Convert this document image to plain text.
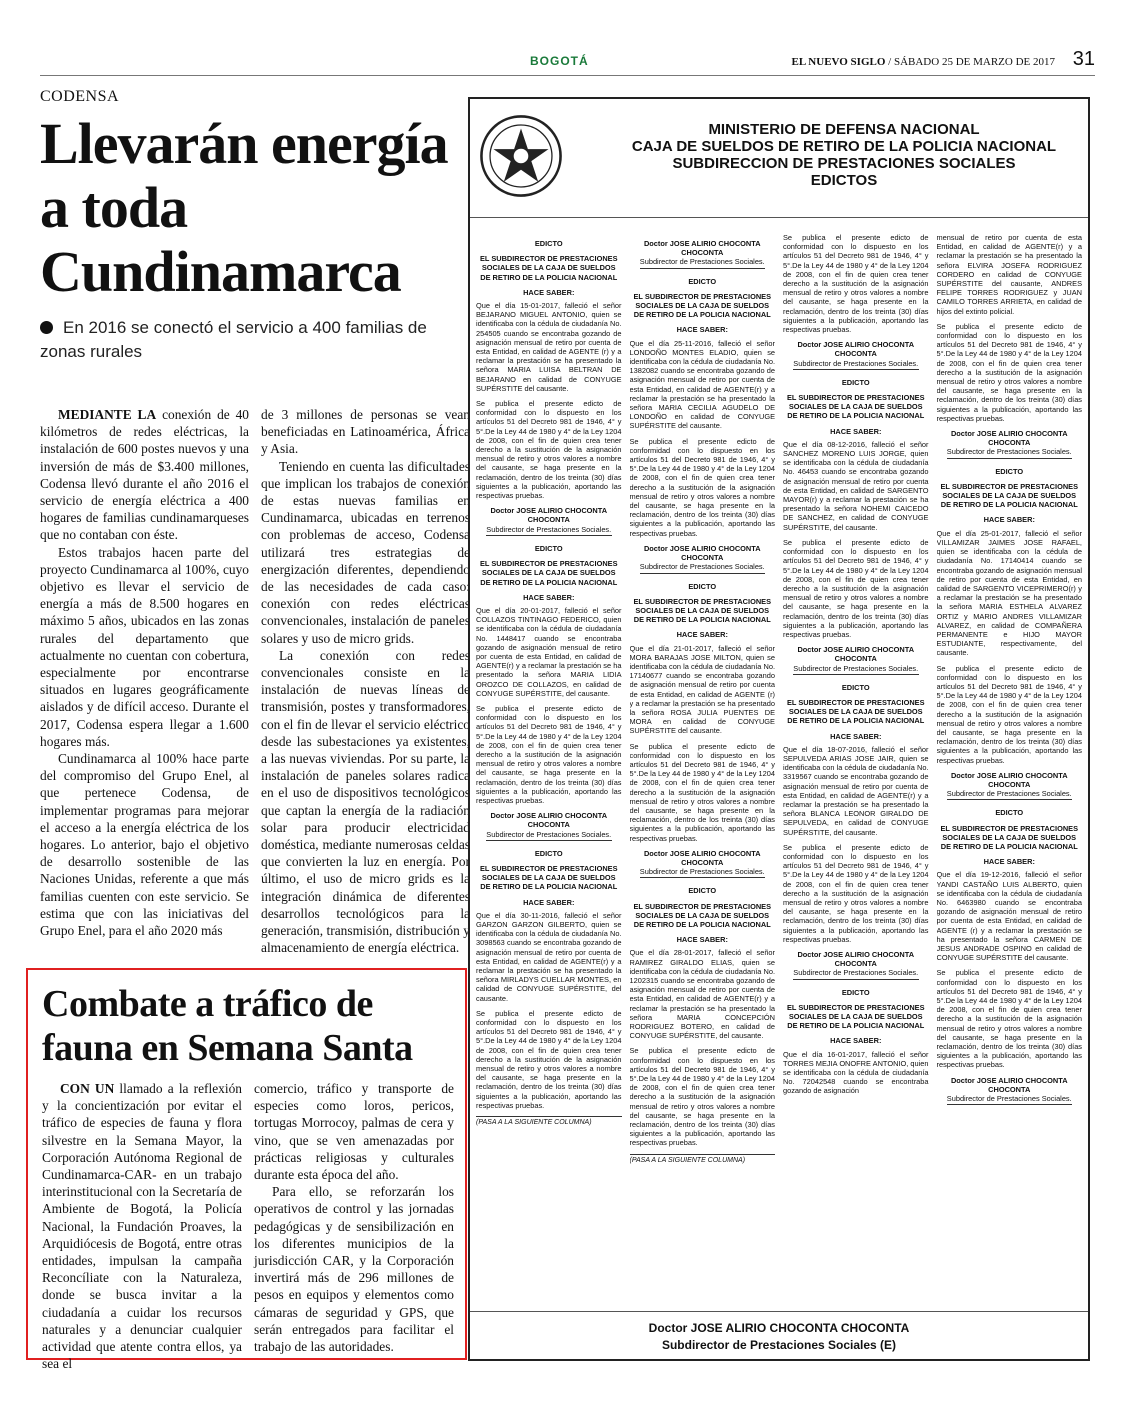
BOGOTÁ	EL NUEVO SIGLO / SÁBADO 25 DE MARZO DE 2017 31
CODENSA
Llevarán energía a toda Cundinamarca
En 2016 se conectó el servicio a 400 familias de zonas rurales

MEDIANTE LA conexión de 40 kilómetros de redes eléctricas, la instalación de 600 postes nuevos y una inversión de más de $3.400 millones, Codensa llevó durante el año 2016 el servicio de energía eléctrica a 400 hogares de familias cundinamarqueses que no contaban con éste.

Estos trabajos hacen parte del proyecto Cundinamarca al 100%, cuyo objetivo es llevar el servicio de energía a más de 8.500 hogares en máximo 5 años, ubicados en las zonas rurales del departamento que actualmente no cuentan con cobertura, especialmente por encontrarse situados en lugares geográficamente aislados y de difícil acceso. Durante el 2017, Codensa espera llegar a 1.600 hogares más.

Cundinamarca al 100% hace parte del compromiso del Grupo Enel, al que pertenece Codensa, de implementar programas para mejorar el acceso a la energía eléctrica de los hogares. Lo anterior, bajo el objetivo de desarrollo sostenible de las Naciones Unidas, referente a que más familias cuenten con este servicio. Se estima que con las iniciativas del Grupo Enel, para el año 2020 más

de 3 millones de personas se vean beneficiadas en Latinoamérica, África y Asia.

Teniendo en cuenta las dificultades que implican los trabajos de conexión de estas nuevas familias en Cundinamarca, ubicadas en terrenos con problemas de acceso, Codensa utilizará tres estrategias de energización diferentes, dependiendo de las necesidades de cada caso: conexión con redes eléctricas convencionales, instalación de paneles solares y uso de micro grids.

La conexión con redes convencionales consiste en la instalación de nuevas líneas de transmisión, postes y transformadores, con el fin de llevar el servicio eléctrico desde las subestaciones ya existentes, a las nuevas viviendas. Por su parte, la instalación de paneles solares radica en el uso de dispositivos tecnológicos que captan la energía de la radiación solar para producir electricidad doméstica, mediante numerosas celdas que convierten la luz en energía. Por último, el uso de micro grids es la integración dinámica de diferentes desarrollos tecnológicos para la generación, transmisión, distribución y almacenamiento de energía eléctrica.

Combate a tráfico de fauna en Semana Santa

CON UN llamado a la reflexión y la concientización por evitar el tráfico de especies de fauna y flora silvestre en la Semana Mayor, la Corporación Autónoma Regional de Cundinamarca-CAR- en un trabajo interinstitucional con la Secretaría de Ambiente de Bogotá, la Policía Nacional, la Fundación Proaves, la Arquidiócesis de Bogotá, entre otras entidades, impulsan la campaña Reconcíliate con la Naturaleza, donde se busca invitar a la ciudadanía a cuidar los recursos naturales y a denunciar cualquier actividad que atente contra ellos, ya sea el

comercio, tráfico y transporte de especies como loros, pericos, tortugas Morrocoy, palmas de cera y vino, que se ven amenazadas por prácticas religiosas y culturales durante esta época del año.

Para ello, se reforzarán los operativos de control y las jornadas pedagógicas y de sensibilización en los diferentes municipios de la jurisdicción CAR, y la Corporación invertirá más de 296 millones de pesos en equipos y elementos como cámaras de seguridad y GPS, que serán entregados para facilitar el trabajo de las autoridades.

MINISTERIO DE DEFENSA NACIONAL
CAJA DE SUELDOS DE RETIRO DE LA POLICIA NACIONAL
SUBDIRECCION DE PRESTACIONES SOCIALES
EDICTOS
EDICTO
EL SUBDIRECTOR DE PRESTACIONES SOCIALES DE LA CAJA DE SUELDOS DE RETIRO DE LA POLICIA NACIONAL
HACE SABER:

Que el día 15-01-2017, falleció el señor BEJARANO MIGUEL ANTONIO, quien se identificaba con la cédula de ciudadanía No. 254505 cuando se encontraba gozando de asignación mensual de retiro por cuenta de esta Entidad, en calidad de AGENTE (r) y a reclamar la prestación se ha presentado la señora MARIA LUISA BELTRAN DE BEJARANO en calidad de CONYUGE SUPÉRSTITE del causante.

Se publica el presente edicto de conformidad con lo dispuesto en los artículos 51 del Decreto 981 de 1946, 4° y 5°.De la Ley 44 de 1980 y 4° de la Ley 1204 de 2008, con el fin de quien crea tener derecho a la sustitución de la asignación mensual de retiro y otros valores a nombre del causante, se haga presente en la reclamación, dentro de los treinta (30) días siguientes a la publicación, aportando las respectivas pruebas.

Doctor JOSE ALIRIO CHOCONTA CHOCONTA
Subdirector de Prestaciones Sociales.
EDICTO
EL SUBDIRECTOR DE PRESTACIONES SOCIALES DE LA CAJA DE SUELDOS DE RETIRO DE LA POLICIA NACIONAL
HACE SABER:

Que el día 20-01-2017, falleció el señor COLLAZOS TINTINAGO FEDERICO, quien se identificaba con la cédula de ciudadanía No. 1448417 cuando se encontraba gozando de asignación mensual de retiro por cuenta de esta Entidad, en calidad de AGENTE(r) y a reclamar la prestación se ha presentado la señora MARIA LIDIA OROZCO DE COLLAZOS, en calidad de CONYUGE SUPÉRSTITE, del causante.

Se publica el presente edicto de conformidad con lo dispuesto en los artículos 51 del Decreto 981 de 1946, 4° y 5°.De la Ley 44 de 1980 y 4° de la Ley 1204 de 2008, con el fin de quien crea tener derecho a la sustitución de la asignación mensual de retiro y otros valores a nombre del causante, se haga presente en la reclamación, dentro de los treinta (30) días siguientes a la publicación, aportando las respectivas pruebas.

Doctor JOSE ALIRIO CHOCONTA CHOCONTA
Subdirector de Prestaciones Sociales.
EDICTO
EL SUBDIRECTOR DE PRESTACIONES SOCIALES DE LA CAJA DE SUELDOS DE RETIRO DE LA POLICIA NACIONAL
HACE SABER:

Que el día 30-11-2016, falleció el señor GARZON GARZON GILBERTO, quien se identificaba con la cédula de ciudadanía No. 3098563 cuando se encontraba gozando de asignación mensual de retiro por cuenta de esta Entidad, en calidad de AGENTE(r) y a reclamar la prestación se ha presentado la señora MIRLADYS CUELLAR MONTES, en calidad de CONYUGE SUPÉRSTITE, del causante.

Se publica el presente edicto de conformidad con lo dispuesto en los artículos 51 del Decreto 981 de 1946, 4° y 5°.De la Ley 44 de 1980 y 4° de la Ley 1204 de 2008, con el fin de quien crea tener derecho a la sustitución de la asignación mensual de retiro y otros valores a nombre del causante, se haga presente en la reclamación, dentro de los treinta (30) días siguientes a la publicación, aportando las respectivas pruebas.

(PASA A LA SIGUIENTE COLUMNA)
Doctor JOSE ALIRIO CHOCONTA CHOCONTA
Subdirector de Prestaciones Sociales.
EDICTO
EL SUBDIRECTOR DE PRESTACIONES SOCIALES DE LA CAJA DE SUELDOS DE RETIRO DE LA POLICIA NACIONAL
HACE SABER:

Que el día 25-11-2016, falleció el señor LONDOÑO MONTES ELADIO, quien se identificaba con la cédula de ciudadanía No. 1382082 cuando se encontraba gozando de asignación mensual de retiro por cuenta de esta Entidad, en calidad de AGENTE(r) y a reclamar la prestación se ha presentado la señora MARIA CECILIA AGUDELO DE LONDOÑO en calidad de CONYUGE SUPÉRSTITE del causante.

Se publica el presente edicto de conformidad con lo dispuesto en los artículos 51 del Decreto 981 de 1946, 4° y 5°.De la Ley 44 de 1980 y 4° de la Ley 1204 de 2008, con el fin de quien crea tener derecho a la sustitución de la asignación mensual de retiro y otros valores a nombre del causante, se haga presente en la reclamación, dentro de los treinta (30) días siguientes a la publicación, aportando las respectivas pruebas.

Doctor JOSE ALIRIO CHOCONTA CHOCONTA
Subdirector de Prestaciones Sociales.
EDICTO
EL SUBDIRECTOR DE PRESTACIONES SOCIALES DE LA CAJA DE SUELDOS DE RETIRO DE LA POLICIA NACIONAL
HACE SABER:

Que el día 21-01-2017, falleció el señor MORA BARAJAS JOSE MILTON, quien se identificaba con la cédula de ciudadanía No. 17140677 cuando se encontraba gozando de asignación mensual de retiro por cuenta de esta Entidad, en calidad de AGENTE (r) y a reclamar la prestación se ha presentado la señora ROSA JULIA PUENTES DE MORA en calidad de CONYUGE SUPÉRSTITE del causante.

Se publica el presente edicto de conformidad con lo dispuesto en los artículos 51 del Decreto 981 de 1946, 4° y 5°.De la Ley 44 de 1980 y 4° de la Ley 1204 de 2008, con el fin de quien crea tener derecho a la sustitución de la asignación mensual de retiro y otros valores a nombre del causante, se haga presente en la reclamación, dentro de los treinta (30) días siguientes a la publicación, aportando las respectivas pruebas.

Doctor JOSE ALIRIO CHOCONTA CHOCONTA
Subdirector de Prestaciones Sociales.
EDICTO
EL SUBDIRECTOR DE PRESTACIONES SOCIALES DE LA CAJA DE SUELDOS DE RETIRO DE LA POLICIA NACIONAL
HACE SABER:

Que el día 28-01-2017, falleció el señor RAMIREZ GIRALDO ELIAS, quien se identificaba con la cédula de ciudadanía No. 1202315 cuando se encontraba gozando de asignación mensual de retiro por cuenta de esta Entidad, en calidad de AGENTE(r) y a reclamar la prestación se ha presentado la señora MARIA CONCEPCIÓN RODRIGUEZ BOTERO, en calidad de CONYUGE SUPÉRSTITE, del causante.

Se publica el presente edicto de conformidad con lo dispuesto en los artículos 51 del Decreto 981 de 1946, 4° y 5°.De la Ley 44 de 1980 y 4° de la Ley 1204 de 2008, con el fin de quien crea tener derecho a la sustitución de la asignación mensual de retiro y otros valores a nombre del causante, se haga presente en la reclamación, dentro de los treinta (30) días siguientes a la publicación, aportando las respectivas pruebas.

(PASA A LA SIGUIENTE COLUMNA)

Se publica el presente edicto de conformidad con lo dispuesto en los artículos 51 del Decreto 981 de 1946, 4° y 5°.De la Ley 44 de 1980 y 4° de la Ley 1204 de 2008, con el fin de quien crea tener derecho a la sustitución de la asignación mensual de retiro y otros valores a nombre del causante, se haga presente en la reclamación, dentro de los treinta (30) días siguientes a la publicación, aportando las respectivas pruebas.

Doctor JOSE ALIRIO CHOCONTA CHOCONTA
Subdirector de Prestaciones Sociales.
EDICTO
EL SUBDIRECTOR DE PRESTACIONES SOCIALES DE LA CAJA DE SUELDOS DE RETIRO DE LA POLICIA NACIONAL
HACE SABER:

Que el día 08-12-2016, falleció el señor SANCHEZ MORENO LUIS JORGE, quien se identificaba con la cédula de ciudadanía No. 46453 cuando se encontraba gozando de asignación mensual de retiro por cuenta de esta Entidad, en calidad de SARGENTO MAYOR(r) y a reclamar la prestación se ha presentado la señora NOHEMI CAICEDO DE SANCHEZ, en calidad de CONYUGE SUPÉRSTITE, del causante.

Se publica el presente edicto de conformidad con lo dispuesto en los artículos 51 del Decreto 981 de 1946, 4° y 5°.De la Ley 44 de 1980 y 4° de la Ley 1204 de 2008, con el fin de quien crea tener derecho a la sustitución de la asignación mensual de retiro y otros valores a nombre del causante, se haga presente en la reclamación, dentro de los treinta (30) días siguientes a la publicación, aportando las respectivas pruebas.

Doctor JOSE ALIRIO CHOCONTA CHOCONTA
Subdirector de Prestaciones Sociales.
EDICTO
EL SUBDIRECTOR DE PRESTACIONES SOCIALES DE LA CAJA DE SUELDOS DE RETIRO DE LA POLICIA NACIONAL
HACE SABER:

Que el día 18-07-2016, falleció el señor SEPULVEDA ARIAS JOSE JAIR, quien se identificaba con la cédula de ciudadanía No. 3319567 cuando se encontraba gozando de asignación mensual de retiro por cuenta de esta Entidad, en calidad de AGENTE(r) y a reclamar la prestación se ha presentado la señora BLANCA LEONOR GIRALDO DE SEPULVEDA, en calidad de CONYUGE SUPÉRSTITE, del causante.

Se publica el presente edicto de conformidad con lo dispuesto en los artículos 51 del Decreto 981 de 1946, 4° y 5°.De la Ley 44 de 1980 y 4° de la Ley 1204 de 2008, con el fin de quien crea tener derecho a la sustitución de la asignación mensual de retiro y otros valores a nombre del causante, se haga presente en la reclamación, dentro de los treinta (30) días siguientes a la publicación, aportando las respectivas pruebas.

Doctor JOSE ALIRIO CHOCONTA CHOCONTA
Subdirector de Prestaciones Sociales.
EDICTO
EL SUBDIRECTOR DE PRESTACIONES SOCIALES DE LA CAJA DE SUELDOS DE RETIRO DE LA POLICIA NACIONAL
HACE SABER:

Que el día 16-01-2017, falleció el señor TORRES MEJIA ONOFRE ANTONIO, quien se identificaba con la cédula de ciudadanía No. 72042548 cuando se encontraba gozando de asignación

mensual de retiro por cuenta de esta Entidad, en calidad de AGENTE(r) y a reclamar la prestación se ha presentado la señora ELVIRA JOSEFA RODRIGUEZ CORDERO en calidad de CONYUGE SUPÉRSTITE del causante, ANDRES FELIPE TORRES RODRIGUEZ y JUAN CAMILO TORRES ARRIETA, en calidad de hijos del extinto policial.

Se publica el presente edicto de conformidad con lo dispuesto en los artículos 51 del Decreto 981 de 1946, 4° y 5°.De la Ley 44 de 1980 y 4° de la Ley 1204 de 2008, con el fin de quien crea tener derecho a la sustitución de la asignación mensual de retiro y otros valores a nombre del causante, se haga presente en la reclamación, dentro de los treinta (30) días siguientes a la publicación, aportando las respectivas pruebas.

Doctor JOSE ALIRIO CHOCONTA CHOCONTA
Subdirector de Prestaciones Sociales.
EDICTO
EL SUBDIRECTOR DE PRESTACIONES SOCIALES DE LA CAJA DE SUELDOS DE RETIRO DE LA POLICIA NACIONAL
HACE SABER:

Que el día 25-01-2017, falleció el señor VILLAMIZAR JAIMES JOSE RAFAEL, quien se identificaba con la cédula de ciudadanía No. 17140414 cuando se encontraba gozando de asignación mensual de retiro por cuenta de esta Entidad, en calidad de SARGENTO VICEPRIMERO(r) y a reclamar la prestación se ha presentado la señora MARIA ESTHELA ALVAREZ ORTIZ y MARIO ANDRES VILLAMIZAR ALVAREZ, en calidad de COMPAÑERA PERMANENTE e HIJO MAYOR ESTUDIANTE, respectivamente, del causante.

Se publica el presente edicto de conformidad con lo dispuesto en los artículos 51 del Decreto 981 de 1946, 4° y 5°.De la Ley 44 de 1980 y 4° de la Ley 1204 de 2008, con el fin de quien crea tener derecho a la sustitución de la asignación mensual de retiro y otros valores a nombre del causante, se haga presente en la reclamación, dentro de los treinta (30) días siguientes a la publicación, aportando las respectivas pruebas.

Doctor JOSE ALIRIO CHOCONTA CHOCONTA
Subdirector de Prestaciones Sociales.
EDICTO
EL SUBDIRECTOR DE PRESTACIONES SOCIALES DE LA CAJA DE SUELDOS DE RETIRO DE LA POLICIA NACIONAL
HACE SABER:

Que el día 19-12-2016, falleció el señor YANDI CASTAÑO LUIS ALBERTO, quien se identificaba con la cédula de ciudadanía No. 6463980 cuando se encontraba gozando de asignación mensual de retiro por cuenta de esta Entidad, en calidad de AGENTE (r) y a reclamar la prestación se ha presentado la señora CARMEN DE JESUS ANDRADE OSPINO en calidad de CONYUGE SUPÉRSTITE del causante.

Se publica el presente edicto de conformidad con lo dispuesto en los artículos 51 del Decreto 981 de 1946, 4° y 5°.De la Ley 44 de 1980 y 4° de la Ley 1204 de 2008, con el fin de quien crea tener derecho a la sustitución de la asignación mensual de retiro y otros valores a nombre del causante, se haga presente en la reclamación, dentro de los treinta (30) días siguientes a la publicación, aportando las respectivas pruebas.

Doctor JOSE ALIRIO CHOCONTA CHOCONTA
Subdirector de Prestaciones Sociales.
Doctor JOSE ALIRIO CHOCONTA CHOCONTA
Subdirector de Prestaciones Sociales (E)
